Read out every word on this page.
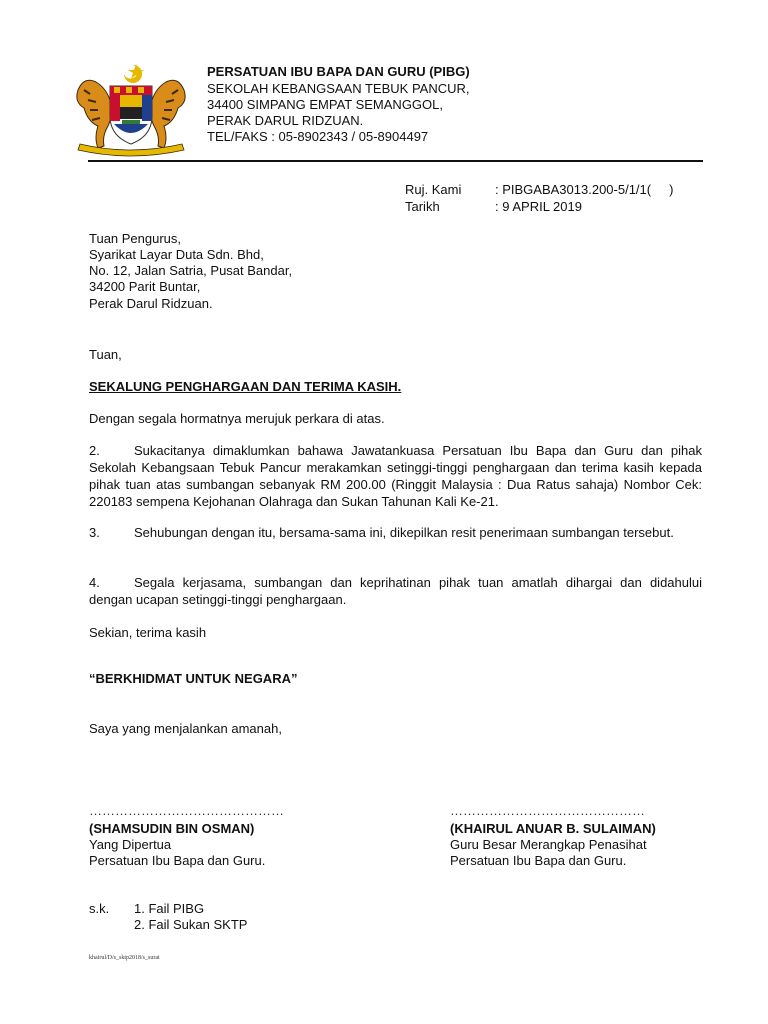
PERSATUAN IBU BAPA DAN GURU (PIBG)
SEKOLAH KEBANGSAAN TEBUK PANCUR,
34400 SIMPANG EMPAT SEMANGGOL,
PERAK DARUL RIDZUAN.
TEL/FAKS : 05-8902343 / 05-8904497
Ruj. Kami	: PIBGABA3013.200-5/1/1(     )
Tarikh	: 9 APRIL 2019
Tuan Pengurus,
Syarikat Layar Duta Sdn. Bhd,
No. 12, Jalan Satria, Pusat Bandar,
34200 Parit Buntar,
Perak Darul Ridzuan.
Tuan,
SEKALUNG PENGHARGAAN DAN TERIMA KASIH.
Dengan segala hormatnya merujuk perkara di atas.

2.	Sukacitanya dimaklumkan bahawa Jawatankuasa Persatuan Ibu Bapa dan Guru dan pihak Sekolah Kebangsaan Tebuk Pancur merakamkan setinggi-tinggi penghargaan dan terima kasih kepada pihak tuan atas sumbangan sebanyak RM 200.00 (Ringgit Malaysia : Dua Ratus sahaja) Nombor Cek: 220183 sempena Kejohanan Olahraga dan Sukan Tahunan Kali Ke-21.

3.	Sehubungan dengan itu, bersama-sama ini, dikepilkan resit penerimaan sumbangan tersebut.

4.	Segala kerjasama, sumbangan dan keprihatinan pihak tuan amatlah dihargai dan didahului dengan ucapan setinggi-tinggi penghargaan.

Sekian, terima kasih
“BERKHIDMAT UNTUK NEGARA”
Saya yang menjalankan amanah,
………………………………………
(SHAMSUDIN BIN OSMAN)
Yang Dipertua
Persatuan Ibu Bapa dan Guru.
………………………………………
(KHAIRUL ANUAR B. SULAIMAN)
Guru Besar Merangkap Penasihat
Persatuan Ibu Bapa dan Guru.
s.k. 1. Fail PIBG
2. Fail Sukan SKTP
khairul/D/s_sktp2018/s_surat
